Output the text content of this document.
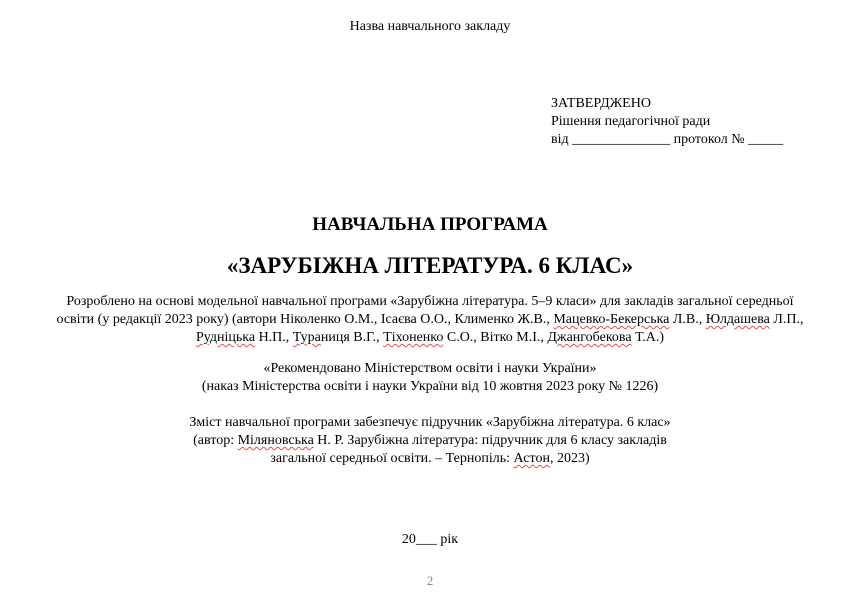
Назва навчального закладу
ЗАТВЕРДЖЕНО
Рішення педагогічної ради
від ______________ протокол № _____
НАВЧАЛЬНА ПРОГРАМА
«ЗАРУБІЖНА ЛІТЕРАТУРА. 6 КЛАС»
Розроблено на основі модельної навчальної програми «Зарубіжна література. 5–9 класи» для закладів загальної середньої
освіти (у редакції 2023 року) (автори Ніколенко О.М., Ісаєва О.О., Клименко Ж.В., Мацевко-Бекерська Л.В., Юлдашева Л.П.,
Рудніцька Н.П., Тураниця В.Г., Тіхоненко С.О., Вітко М.І., Джангобекова Т.А.)
«Рекомендовано Міністерством освіти і науки України»
(наказ Міністерства освіти і науки України від 10 жовтня 2023 року № 1226)
Зміст навчальної програми забезпечує підручник «Зарубіжна література. 6 клас»
(автор: Міляновська Н. Р. Зарубіжна література: підручник для 6 класу закладів
загальної середньої освіти. – Тернопіль: Астон, 2023)
20___ рік
2
